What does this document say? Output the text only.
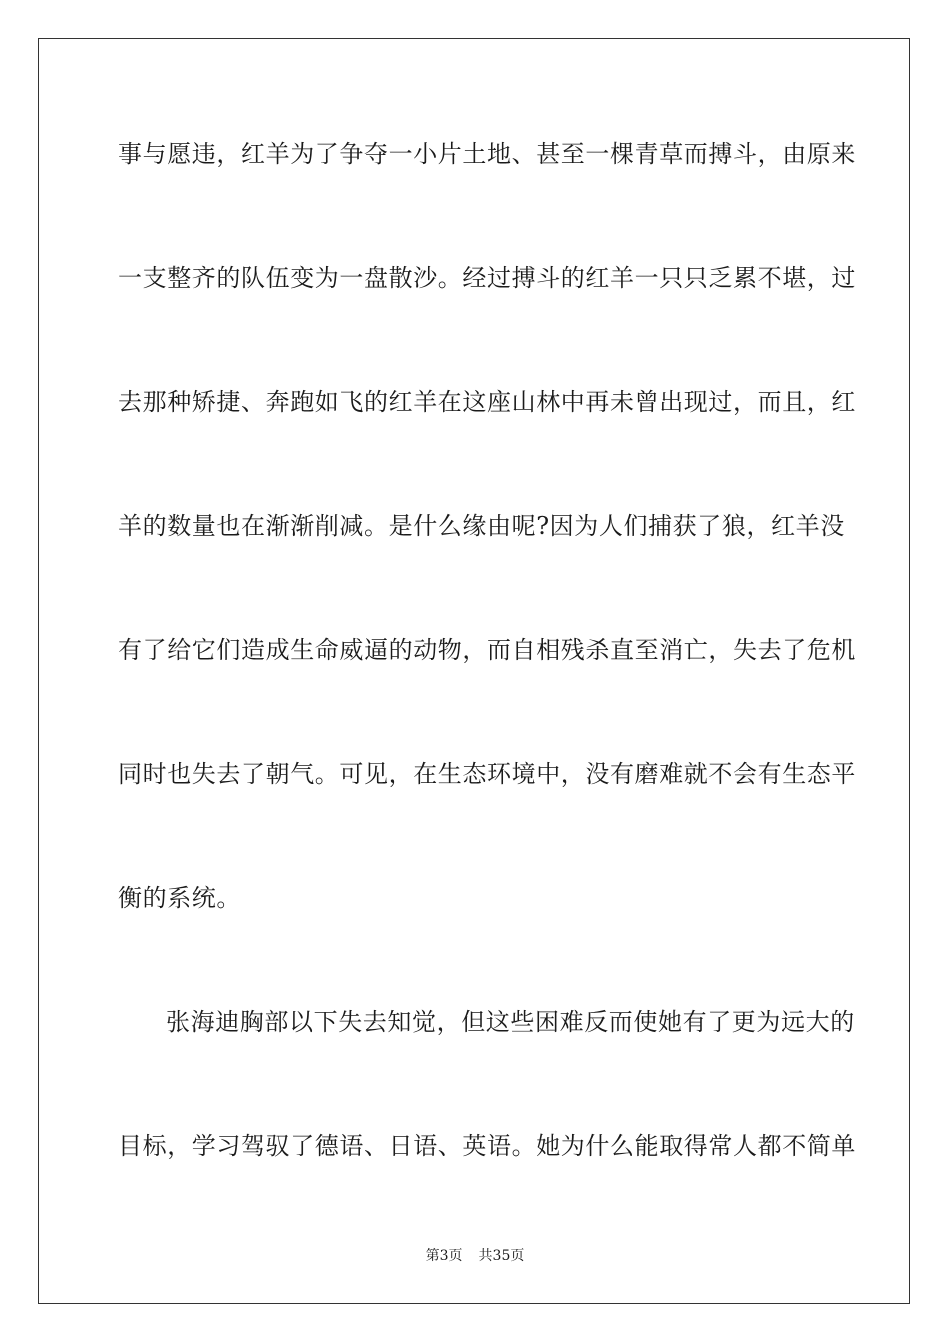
事与愿违，红羊为了争夺一小片土地、甚至一棵青草而搏斗，由原来
一支整齐的队伍变为一盘散沙。经过搏斗的红羊一只只乏累不堪，过
去那种矫捷、奔跑如飞的红羊在这座山林中再未曾出现过，而且，红
羊的数量也在渐渐削减。是什么缘由呢?因为人们捕获了狼，红羊没
有了给它们造成生命威逼的动物，而自相残杀直至消亡，失去了危机
同时也失去了朝气。可见，在生态环境中，没有磨难就不会有生态平
衡的系统。
张海迪胸部以下失去知觉，但这些困难反而使她有了更为远大的
目标，学习驾驭了德语、日语、英语。她为什么能取得常人都不简单
第3页 共35页
